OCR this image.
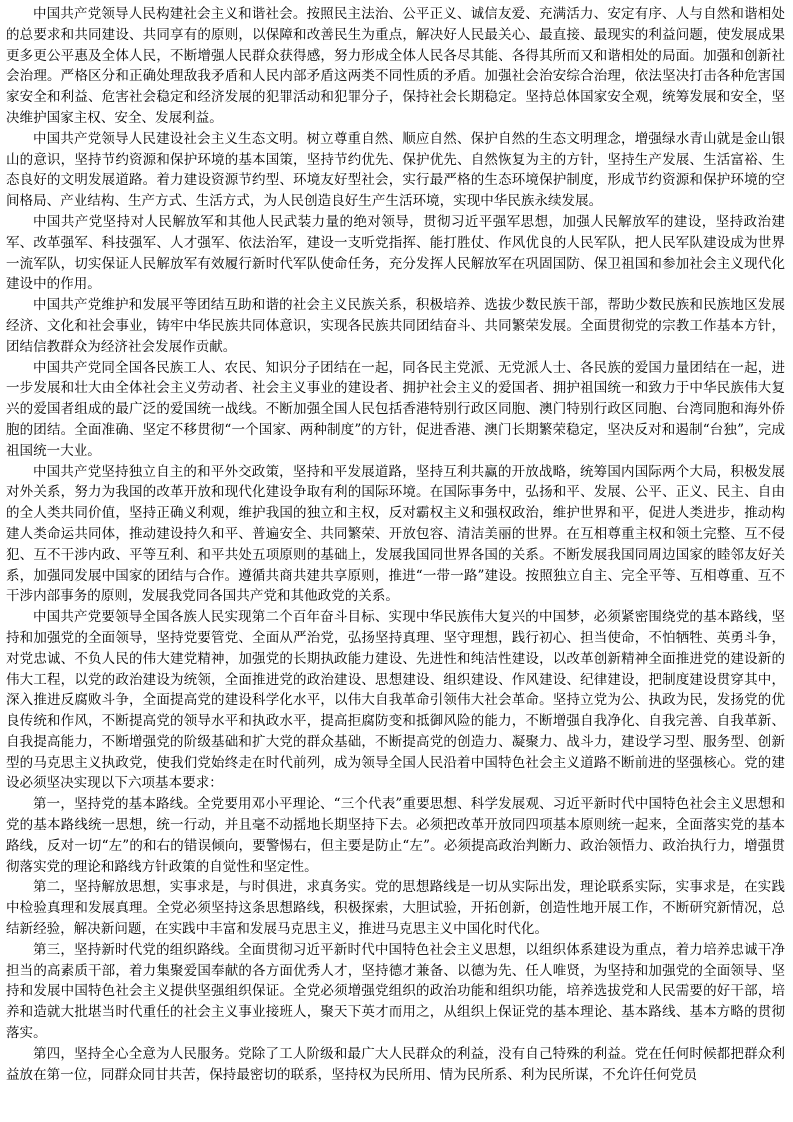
中国共产党领导人民构建社会主义和谐社会。按照民主法治、公平正义、诚信友爱、充满活力、安定有序、人与自然和谐相处的总要求和共同建设、共同享有的原则，以保障和改善民生为重点，解决好人民最关心、最直接、最现实的利益问题，使发展成果更多更公平惠及全体人民，不断增强人民群众获得感，努力形成全体人民各尽其能、各得其所而又和谐相处的局面。加强和创新社会治理。严格区分和正确处理敌我矛盾和人民内部矛盾这两类不同性质的矛盾。加强社会治安综合治理，依法坚决打击各种危害国家安全和利益、危害社会稳定和经济发展的犯罪活动和犯罪分子，保持社会长期稳定。坚持总体国家安全观，统筹发展和安全，坚决维护国家主权、安全、发展利益。

中国共产党领导人民建设社会主义生态文明。树立尊重自然、顺应自然、保护自然的生态文明理念，增强绿水青山就是金山银山的意识，坚持节约资源和保护环境的基本国策，坚持节约优先、保护优先、自然恢复为主的方针，坚持生产发展、生活富裕、生态良好的文明发展道路。着力建设资源节约型、环境友好型社会，实行最严格的生态环境保护制度，形成节约资源和保护环境的空间格局、产业结构、生产方式、生活方式，为人民创造良好生产生活环境，实现中华民族永续发展。

中国共产党坚持对人民解放军和其他人民武装力量的绝对领导，贯彻习近平强军思想，加强人民解放军的建设，坚持政治建军、改革强军、科技强军、人才强军、依法治军，建设一支听党指挥、能打胜仗、作风优良的人民军队，把人民军队建设成为世界一流军队，切实保证人民解放军有效履行新时代军队使命任务，充分发挥人民解放军在巩固国防、保卫祖国和参加社会主义现代化建设中的作用。

中国共产党维护和发展平等团结互助和谐的社会主义民族关系，积极培养、选拔少数民族干部，帮助少数民族和民族地区发展经济、文化和社会事业，铸牢中华民族共同体意识，实现各民族共同团结奋斗、共同繁荣发展。全面贯彻党的宗教工作基本方针，团结信教群众为经济社会发展作贡献。

中国共产党同全国各民族工人、农民、知识分子团结在一起，同各民主党派、无党派人士、各民族的爱国力量团结在一起，进一步发展和壮大由全体社会主义劳动者、社会主义事业的建设者、拥护社会主义的爱国者、拥护祖国统一和致力于中华民族伟大复兴的爱国者组成的最广泛的爱国统一战线。不断加强全国人民包括香港特别行政区同胞、澳门特别行政区同胞、台湾同胞和海外侨胞的团结。全面准确、坚定不移贯彻“一个国家、两种制度”的方针，促进香港、澳门长期繁荣稳定，坚决反对和遏制“台独”，完成祖国统一大业。

中国共产党坚持独立自主的和平外交政策，坚持和平发展道路，坚持互利共赢的开放战略，统筹国内国际两个大局，积极发展对外关系，努力为我国的改革开放和现代化建设争取有利的国际环境。在国际事务中，弘扬和平、发展、公平、正义、民主、自由的全人类共同价值，坚持正确义利观，维护我国的独立和主权，反对霸权主义和强权政治，维护世界和平，促进人类进步，推动构建人类命运共同体，推动建设持久和平、普遍安全、共同繁荣、开放包容、清洁美丽的世界。在互相尊重主权和领土完整、互不侵犯、互不干涉内政、平等互利、和平共处五项原则的基础上，发展我国同世界各国的关系。不断发展我国同周边国家的睦邻友好关系，加强同发展中国家的团结与合作。遵循共商共建共享原则，推进“一带一路”建设。按照独立自主、完全平等、互相尊重、互不干涉内部事务的原则，发展我党同各国共产党和其他政党的关系。

中国共产党要领导全国各族人民实现第二个百年奋斗目标、实现中华民族伟大复兴的中国梦，必须紧密围绕党的基本路线，坚持和加强党的全面领导，坚持党要管党、全面从严治党，弘扬坚持真理、坚守理想，践行初心、担当使命，不怕牺牲、英勇斗争，对党忠诚、不负人民的伟大建党精神，加强党的长期执政能力建设、先进性和纯洁性建设，以改革创新精神全面推进党的建设新的伟大工程，以党的政治建设为统领，全面推进党的政治建设、思想建设、组织建设、作风建设、纪律建设，把制度建设贯穿其中，深入推进反腐败斗争，全面提高党的建设科学化水平，以伟大自我革命引领伟大社会革命。坚持立党为公、执政为民，发扬党的优良传统和作风，不断提高党的领导水平和执政水平，提高拒腐防变和抵御风险的能力，不断增强自我净化、自我完善、自我革新、自我提高能力，不断增强党的阶级基础和扩大党的群众基础，不断提高党的创造力、凝聚力、战斗力，建设学习型、服务型、创新型的马克思主义执政党，使我们党始终走在时代前列，成为领导全国人民沿着中国特色社会主义道路不断前进的坚强核心。党的建设必须坚决实现以下六项基本要求：

第一，坚持党的基本路线。全党要用邓小平理论、“三个代表”重要思想、科学发展观、习近平新时代中国特色社会主义思想和党的基本路线统一思想，统一行动，并且毫不动摇地长期坚持下去。必须把改革开放同四项基本原则统一起来，全面落实党的基本路线，反对一切“左”的和右的错误倾向，要警惕右，但主要是防止“左”。必须提高政治判断力、政治领悟力、政治执行力，增强贯彻落实党的理论和路线方针政策的自觉性和坚定性。

第二，坚持解放思想，实事求是，与时俱进，求真务实。党的思想路线是一切从实际出发，理论联系实际，实事求是，在实践中检验真理和发展真理。全党必须坚持这条思想路线，积极探索，大胆试验，开拓创新，创造性地开展工作，不断研究新情况，总结新经验，解决新问题，在实践中丰富和发展马克思主义，推进马克思主义中国化时代化。

第三，坚持新时代党的组织路线。全面贯彻习近平新时代中国特色社会主义思想，以组织体系建设为重点，着力培养忠诚干净担当的高素质干部，着力集聚爱国奉献的各方面优秀人才，坚持德才兼备、以德为先、任人唯贤，为坚持和加强党的全面领导、坚持和发展中国特色社会主义提供坚强组织保证。全党必须增强党组织的政治功能和组织功能，培养选拔党和人民需要的好干部，培养和造就大批堪当时代重任的社会主义事业接班人，聚天下英才而用之，从组织上保证党的基本理论、基本路线、基本方略的贯彻落实。

第四，坚持全心全意为人民服务。党除了工人阶级和最广大人民群众的利益，没有自己特殊的利益。党在任何时候都把群众利益放在第一位，同群众同甘共苦，保持最密切的联系，坚持权为民所用、情为民所系、利为民所谋，不允许任何党员
